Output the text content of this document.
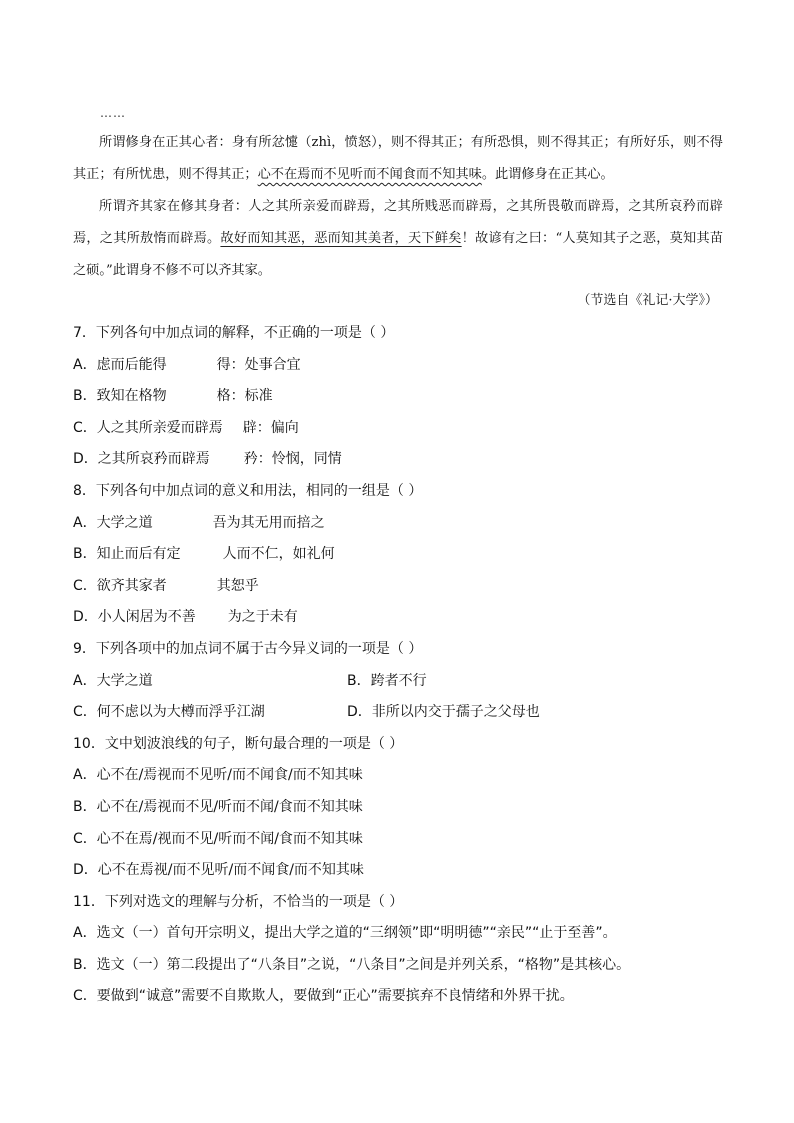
……

所谓修身在正其心者：身有所忿懥（zhì，愤怒），则不得其正；有所恐惧，则不得其正；有所好乐，则不得其正；有所忧患，则不得其正；心不在焉而不见听而不闻食而不知其味。此谓修身在正其心。

所谓齐其家在修其身者：人之其所亲爱而辟焉，之其所贱恶而辟焉，之其所畏敬而辟焉，之其所哀矜而辟焉，之其所敖惰而辟焉。故好而知其恶，恶而知其美者，天下鲜矣！故谚有之曰：“人莫知其子之恶，莫知其苗之硕。”此谓身不修不可以齐其家。

（节选自《礼记·大学》）
7．下列各句中加点词的解释，不正确的一项是（ ）
A．虑而后能得	得：处事合宜
B．致知在格物	格：标准
C．人之其所亲爱而辟焉 辟：偏向
D．之其所哀矜而辟焉 矜：怜悯，同情
8．下列各句中加点词的意义和用法，相同的一组是（ ）
A．大学之道	吾为其无用而掊之
B．知止而后有定	人而不仁，如礼何
C．欲齐其家者	其恕乎
D．小人闲居为不善 为之于未有
9．下列各项中的加点词不属于古今异义词的一项是（ ）
A．大学之道	B．跨者不行
C．何不虑以为大樽而浮乎江湖	D．非所以内交于孺子之父母也
10．文中划波浪线的句子，断句最合理的一项是（ ）
A．心不在/焉视而不见听/而不闻食/而不知其味
B．心不在/焉视而不见/听而不闻/食而不知其味
C．心不在焉/视而不见/听而不闻/食而不知其味
D．心不在焉视/而不见听/而不闻食/而不知其味
11．下列对选文的理解与分析，不恰当的一项是（ ）
A．选文（一）首句开宗明义，提出大学之道的“三纲领”即“明明德”“亲民”“止于至善”。
B．选文（一）第二段提出了“八条目”之说，“八条目”之间是并列关系，“格物”是其核心。
C．要做到“诚意”需要不自欺欺人，要做到“正心”需要摈弃不良情绪和外界干扰。
